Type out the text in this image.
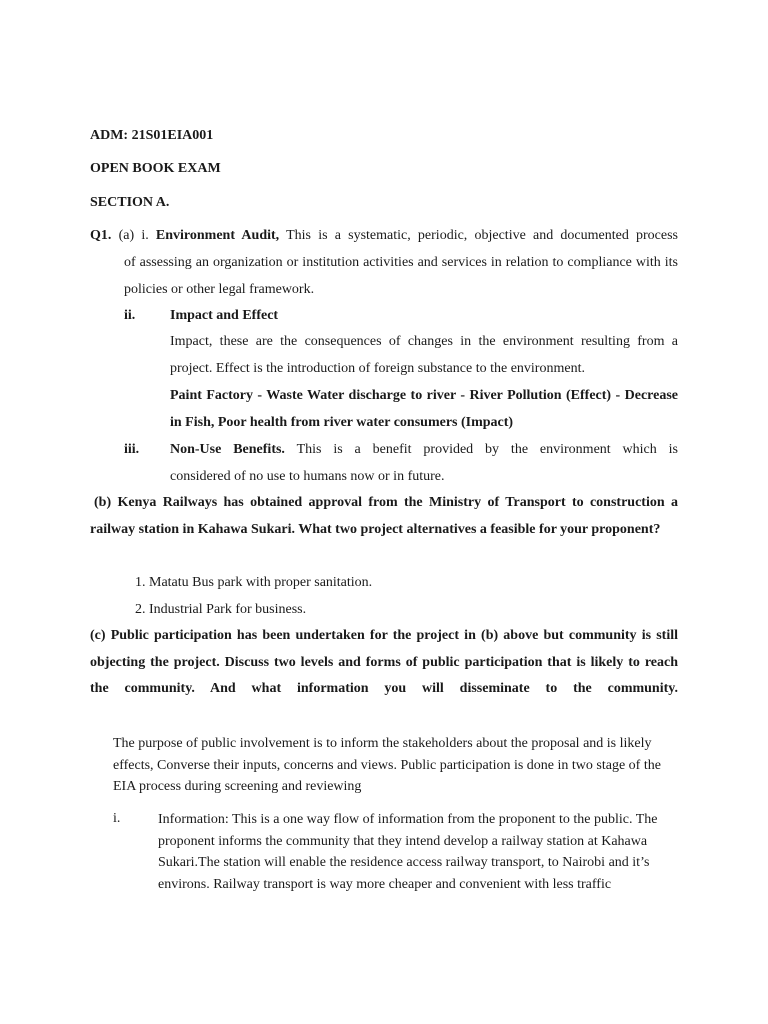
ADM: 21S01EIA001
OPEN BOOK EXAM
SECTION A.
Q1. (a) i. Environment Audit, This is a systematic, periodic, objective and documented process
of assessing an organization or institution activities and services in relation to compliance with its policies or other legal framework.
ii. Impact and Effect
Impact, these are the consequences of changes in the environment resulting from a project. Effect is the introduction of foreign substance to the environment.
Paint Factory - Waste Water discharge to river - River Pollution (Effect) - Decrease in Fish, Poor health from river water consumers (Impact)
iii. Non-Use Benefits. This is a benefit provided by the environment which is
considered of no use to humans now or in future.
(b) Kenya Railways has obtained approval from the Ministry of Transport to construction a railway station in Kahawa Sukari. What two project alternatives a feasible for your proponent?
1. Matatu Bus park with proper sanitation.
2. Industrial Park for business.
(c) Public participation has been undertaken for the project in (b) above but community is still objecting the project. Discuss two levels and forms of public participation that is likely to reach the community. And what information you will disseminate to the community.
The purpose of public involvement is to inform the stakeholders about the proposal and is likely effects, Converse their inputs, concerns and views. Public participation is done in two stage of the EIA process during screening and reviewing
i.	Information: This is a one way flow of information from the proponent to the public. The proponent informs the community that they intend develop a railway station at Kahawa Sukari.The station will enable the residence access railway transport, to Nairobi and it’s environs. Railway transport is way more cheaper and convenient with less traffic
